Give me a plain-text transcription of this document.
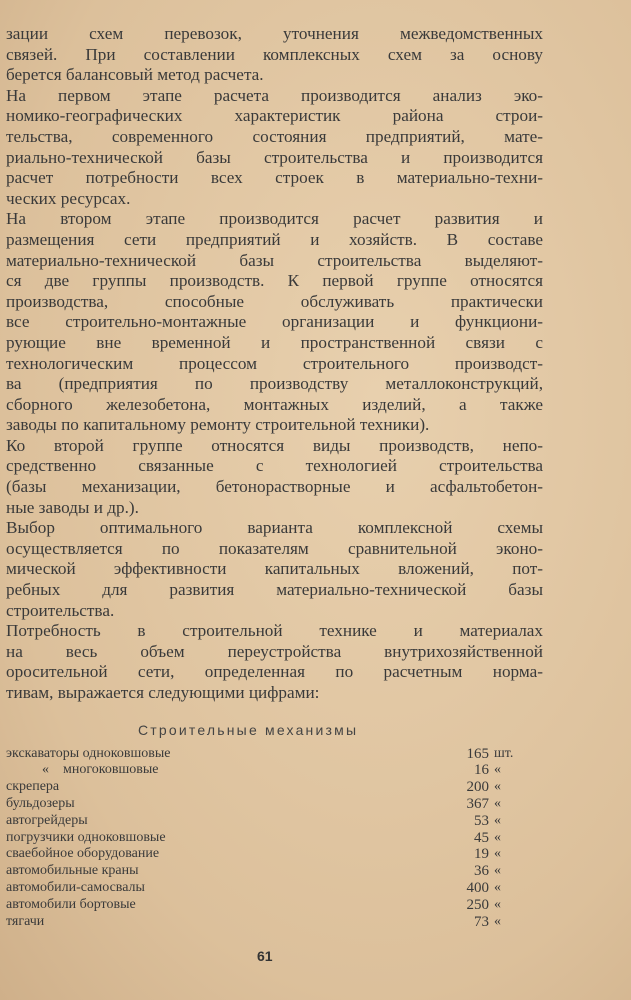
зации схем перевозок, уточнения межведомственных
связей. При составлении комплексных схем за основу
берется балансовый метод расчета.

На первом этапе расчета производится анализ эко-
номико-географических характеристик района строи-
тельства, современного состояния предприятий, мате-
риально-технической базы строительства и производится
расчет потребности всех строек в материально-техни-
ческих ресурсах.

На втором этапе производится расчет развития и
размещения сети предприятий и хозяйств. В составе
материально-технической базы строительства выделяют-
ся две группы производств. К первой группе относятся
производства, способные обслуживать практически
все строительно-монтажные организации и функциони-
рующие вне временной и пространственной связи с
технологическим процессом строительного производст-
ва (предприятия по производству металлоконструкций,
сборного железобетона, монтажных изделий, а также
заводы по капитальному ремонту строительной техники).

Ко второй группе относятся виды производств, непо-
средственно связанные с технологией строительства
(базы механизации, бетонорастворные и асфальтобетон-
ные заводы и др.).

Выбор оптимального варианта комплексной схемы
осуществляется по показателям сравнительной эконо-
мической эффективности капитальных вложений, пот-
ребных для развития материально-технической базы
строительства.

Потребность в строительной технике и материалах
на весь объем переустройства внутрихозяйственной
оросительной сети, определенная по расчетным норма-
тивам, выражается следующими цифрами:

Строительные механизмы
экскаваторы одноковшовые	165 шт.
« многоковшовые	16 «
скрепера	200 «
бульдозеры	367 «
автогрейдеры	53 «
погрузчики одноковшовые	45 «
сваебойное оборудование	19 «
автомобильные краны	36 «
автомобили-самосвалы	400 «
автомобили бортовые	250 «
тягачи	73 «
61
